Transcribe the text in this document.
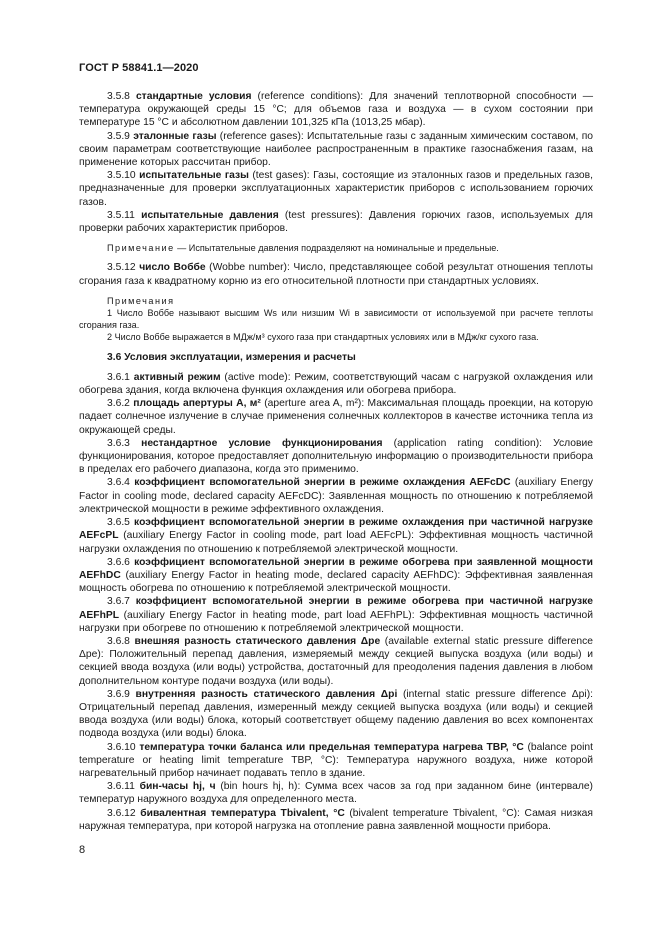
ГОСТ Р 58841.1—2020

3.5.8 стандартные условия (reference conditions): Для значений теплотворной способности — температура окружающей среды 15 °C; для объемов газа и воздуха — в сухом состоянии при температуре 15 °C и абсолютном давлении 101,325 кПа (1013,25 мбар).

3.5.9 эталонные газы (reference gases): Испытательные газы с заданным химическим составом, по своим параметрам соответствующие наиболее распространенным в практике газоснабжения газам, на применение которых рассчитан прибор.

3.5.10 испытательные газы (test gases): Газы, состоящие из эталонных газов и предельных газов, предназначенные для проверки эксплуатационных характеристик приборов с использованием горючих газов.

3.5.11 испытательные давления (test pressures): Давления горючих газов, используемых для проверки рабочих характеристик приборов.

Примечание — Испытательные давления подразделяют на номинальные и предельные.

3.5.12 число Воббе (Wobbe number): Число, представляющее собой результат отношения теплоты сгорания газа к квадратному корню из его относительной плотности при стандартных условиях.

Примечания

1 Число Воббе называют высшим Ws или низшим Wi в зависимости от используемой при расчете теплоты сгорания газа.

2 Число Воббе выражается в МДж/м³ сухого газа при стандартных условиях или в МДж/кг сухого газа.

3.6 Условия эксплуатации, измерения и расчеты

3.6.1 активный режим (active mode): Режим, соответствующий часам с нагрузкой охлаждения или обогрева здания, когда включена функция охлаждения или обогрева прибора.

3.6.2 площадь апертуры A, м² (aperture area A, m²): Максимальная площадь проекции, на которую падает солнечное излучение в случае применения солнечных коллекторов в качестве источника тепла из окружающей среды.

3.6.3 нестандартное условие функционирования (application rating condition): Условие функционирования, которое предоставляет дополнительную информацию о производительности прибора в пределах его рабочего диапазона, когда это применимо.

3.6.4 коэффициент вспомогательной энергии в режиме охлаждения AEFcDC (auxiliary Energy Factor in cooling mode, declared capacity AEFcDC): Заявленная мощность по отношению к потребляемой электрической мощности в режиме эффективного охлаждения.

3.6.5 коэффициент вспомогательной энергии в режиме охлаждения при частичной нагрузке AEFcPL (auxiliary Energy Factor in cooling mode, part load AEFcPL): Эффективная мощность частичной нагрузки охлаждения по отношению к потребляемой электрической мощности.

3.6.6 коэффициент вспомогательной энергии в режиме обогрева при заявленной мощности AEFhDC (auxiliary Energy Factor in heating mode, declared capacity AEFhDC): Эффективная заявленная мощность обогрева по отношению к потребляемой электрической мощности.

3.6.7 коэффициент вспомогательной энергии в режиме обогрева при частичной нагрузке AEFhPL (auxiliary Energy Factor in heating mode, part load AEFhPL): Эффективная мощность частичной нагрузки при обогреве по отношению к потребляемой электрической мощности.

3.6.8 внешняя разность статического давления Δpe (available external static pressure difference Δpe): Положительный перепад давления, измеряемый между секцией выпуска воздуха (или воды) и секцией ввода воздуха (или воды) устройства, достаточный для преодоления падения давления в любом дополнительном контуре подачи воздуха (или воды).

3.6.9 внутренняя разность статического давления Δpi (internal static pressure difference Δpi): Отрицательный перепад давления, измеренный между секцией выпуска воздуха (или воды) и секцией ввода воздуха (или воды) блока, который соответствует общему падению давления во всех компонентах подвода воздуха (или воды) блока.

3.6.10 температура точки баланса или предельная температура нагрева TBP, °C (balance point temperature or heating limit temperature TBP, °C): Температура наружного воздуха, ниже которой нагревательный прибор начинает подавать тепло в здание.

3.6.11 бин-часы hj, ч (bin hours hj, h): Сумма всех часов за год при заданном бине (интервале) температур наружного воздуха для определенного места.

3.6.12 бивалентная температура Tbivalent, °C (bivalent temperature Tbivalent, °C): Самая низкая наружная температура, при которой нагрузка на отопление равна заявленной мощности прибора.

8
